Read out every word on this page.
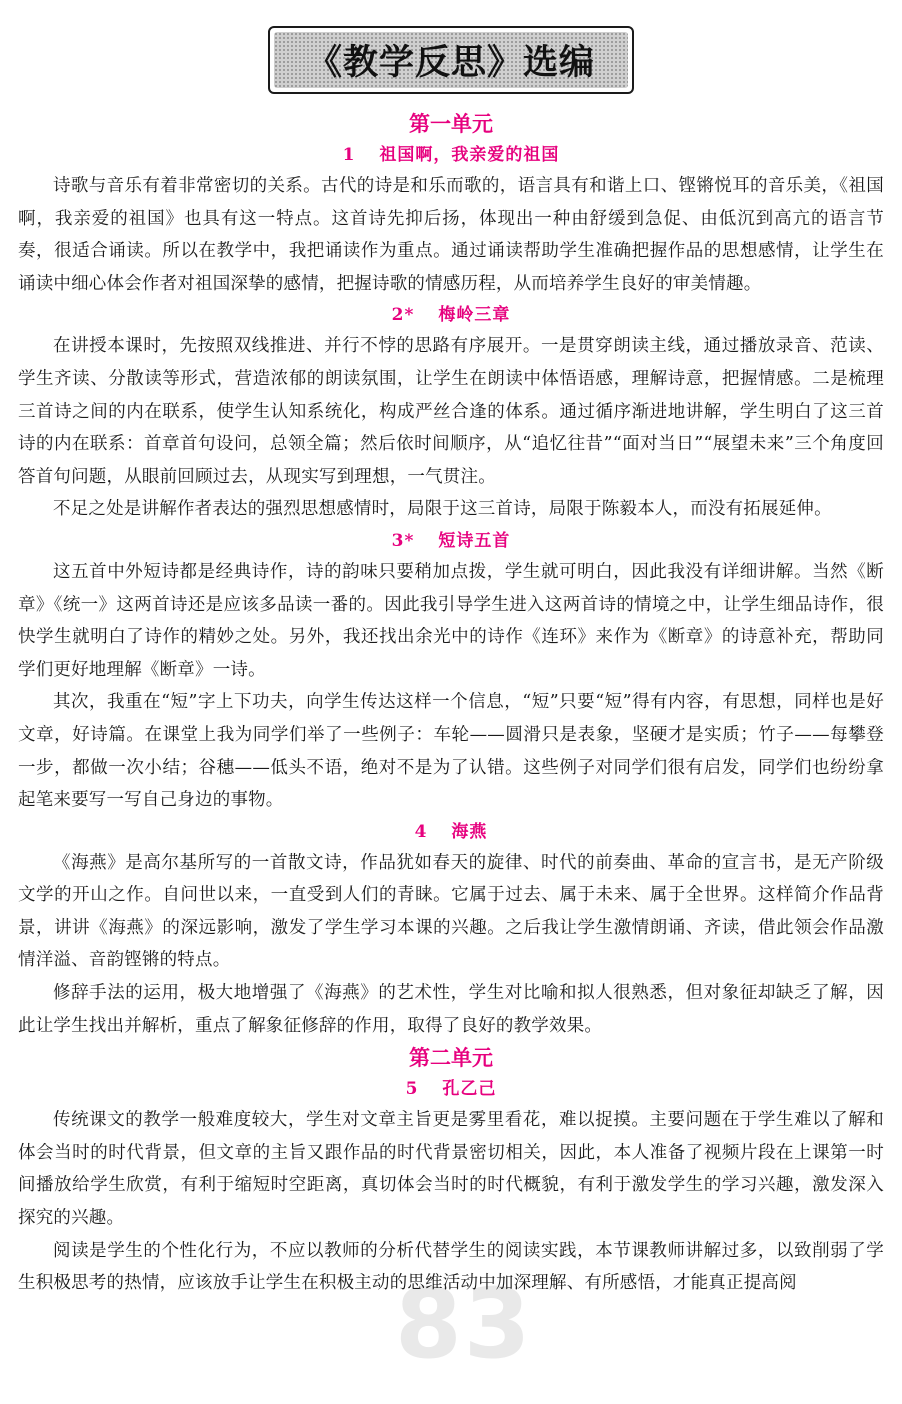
83
《教学反思》选编
第一单元
1 祖国啊，我亲爱的祖国

诗歌与音乐有着非常密切的关系。古代的诗是和乐而歌的，语言具有和谐上口、铿锵悦耳的音乐美，《祖国啊，我亲爱的祖国》也具有这一特点。这首诗先抑后扬，体现出一种由舒缓到急促、由低沉到高亢的语言节奏，很适合诵读。所以在教学中，我把诵读作为重点。通过诵读帮助学生准确把握作品的思想感情，让学生在诵读中细心体会作者对祖国深挚的感情，把握诗歌的情感历程，从而培养学生良好的审美情趣。

2* 梅岭三章

在讲授本课时，先按照双线推进、并行不悖的思路有序展开。一是贯穿朗读主线，通过播放录音、范读、学生齐读、分散读等形式，营造浓郁的朗读氛围，让学生在朗读中体悟语感，理解诗意，把握情感。二是梳理三首诗之间的内在联系，使学生认知系统化，构成严丝合逢的体系。通过循序渐进地讲解，学生明白了这三首诗的内在联系：首章首句设问，总领全篇；然后依时间顺序，从“追忆往昔”“面对当日”“展望未来”三个角度回答首句问题，从眼前回顾过去，从现实写到理想，一气贯注。

不足之处是讲解作者表达的强烈思想感情时，局限于这三首诗，局限于陈毅本人，而没有拓展延伸。

3* 短诗五首

这五首中外短诗都是经典诗作，诗的韵味只要稍加点拨，学生就可明白，因此我没有详细讲解。当然《断章》《统一》这两首诗还是应该多品读一番的。因此我引导学生进入这两首诗的情境之中，让学生细品诗作，很快学生就明白了诗作的精妙之处。另外，我还找出余光中的诗作《连环》来作为《断章》的诗意补充，帮助同学们更好地理解《断章》一诗。

其次，我重在“短”字上下功夫，向学生传达这样一个信息，“短”只要“短”得有内容，有思想，同样也是好文章，好诗篇。在课堂上我为同学们举了一些例子：车轮——圆滑只是表象，坚硬才是实质；竹子——每攀登一步，都做一次小结；谷穗——低头不语，绝对不是为了认错。这些例子对同学们很有启发，同学们也纷纷拿起笔来要写一写自己身边的事物。

4 海燕

《海燕》是高尔基所写的一首散文诗，作品犹如春天的旋律、时代的前奏曲、革命的宣言书，是无产阶级文学的开山之作。自问世以来，一直受到人们的青睐。它属于过去、属于未来、属于全世界。这样简介作品背景，讲讲《海燕》的深远影响，激发了学生学习本课的兴趣。之后我让学生激情朗诵、齐读，借此领会作品激情洋溢、音韵铿锵的特点。

修辞手法的运用，极大地增强了《海燕》的艺术性，学生对比喻和拟人很熟悉，但对象征却缺乏了解，因此让学生找出并解析，重点了解象征修辞的作用，取得了良好的教学效果。

第二单元
5 孔乙己

传统课文的教学一般难度较大，学生对文章主旨更是雾里看花，难以捉摸。主要问题在于学生难以了解和体会当时的时代背景，但文章的主旨又跟作品的时代背景密切相关，因此，本人准备了视频片段在上课第一时间播放给学生欣赏，有利于缩短时空距离，真切体会当时的时代概貌，有利于激发学生的学习兴趣，激发深入探究的兴趣。

阅读是学生的个性化行为，不应以教师的分析代替学生的阅读实践，本节课教师讲解过多，以致削弱了学生积极思考的热情，应该放手让学生在积极主动的思维活动中加深理解、有所感悟，才能真正提高阅
